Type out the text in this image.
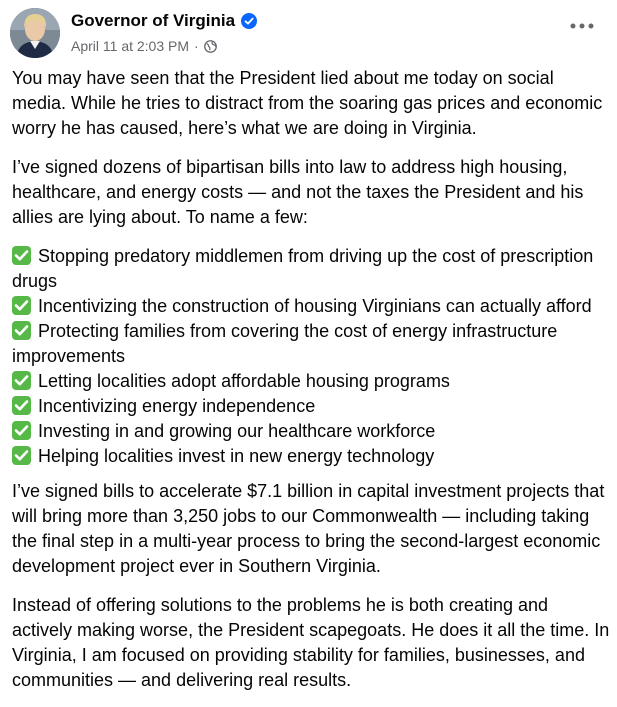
Governor of Virginia
April 11 at 2:03 PM ·

You may have seen that the President lied about me today on social media. While he tries to distract from the soaring gas prices and economic worry he has caused, here’s what we are doing in Virginia.

I’ve signed dozens of bipartisan bills into law to address high housing, healthcare, and energy costs — and not the taxes the President and his allies are lying about. To name a few:

Stopping predatory middlemen from driving up the cost of prescription drugs
Incentivizing the construction of housing Virginians can actually afford
Protecting families from covering the cost of energy infrastructure improvements
Letting localities adopt affordable housing programs
Incentivizing energy independence
Investing in and growing our healthcare workforce
Helping localities invest in new energy technology

I’ve signed bills to accelerate $7.1 billion in capital investment projects that will bring more than 3,250 jobs to our Commonwealth — including taking the final step in a multi-year process to bring the second-largest economic development project ever in Southern Virginia.

Instead of offering solutions to the problems he is both creating and actively making worse, the President scapegoats. He does it all the time. In Virginia, I am focused on providing stability for families, businesses, and communities — and delivering real results.
